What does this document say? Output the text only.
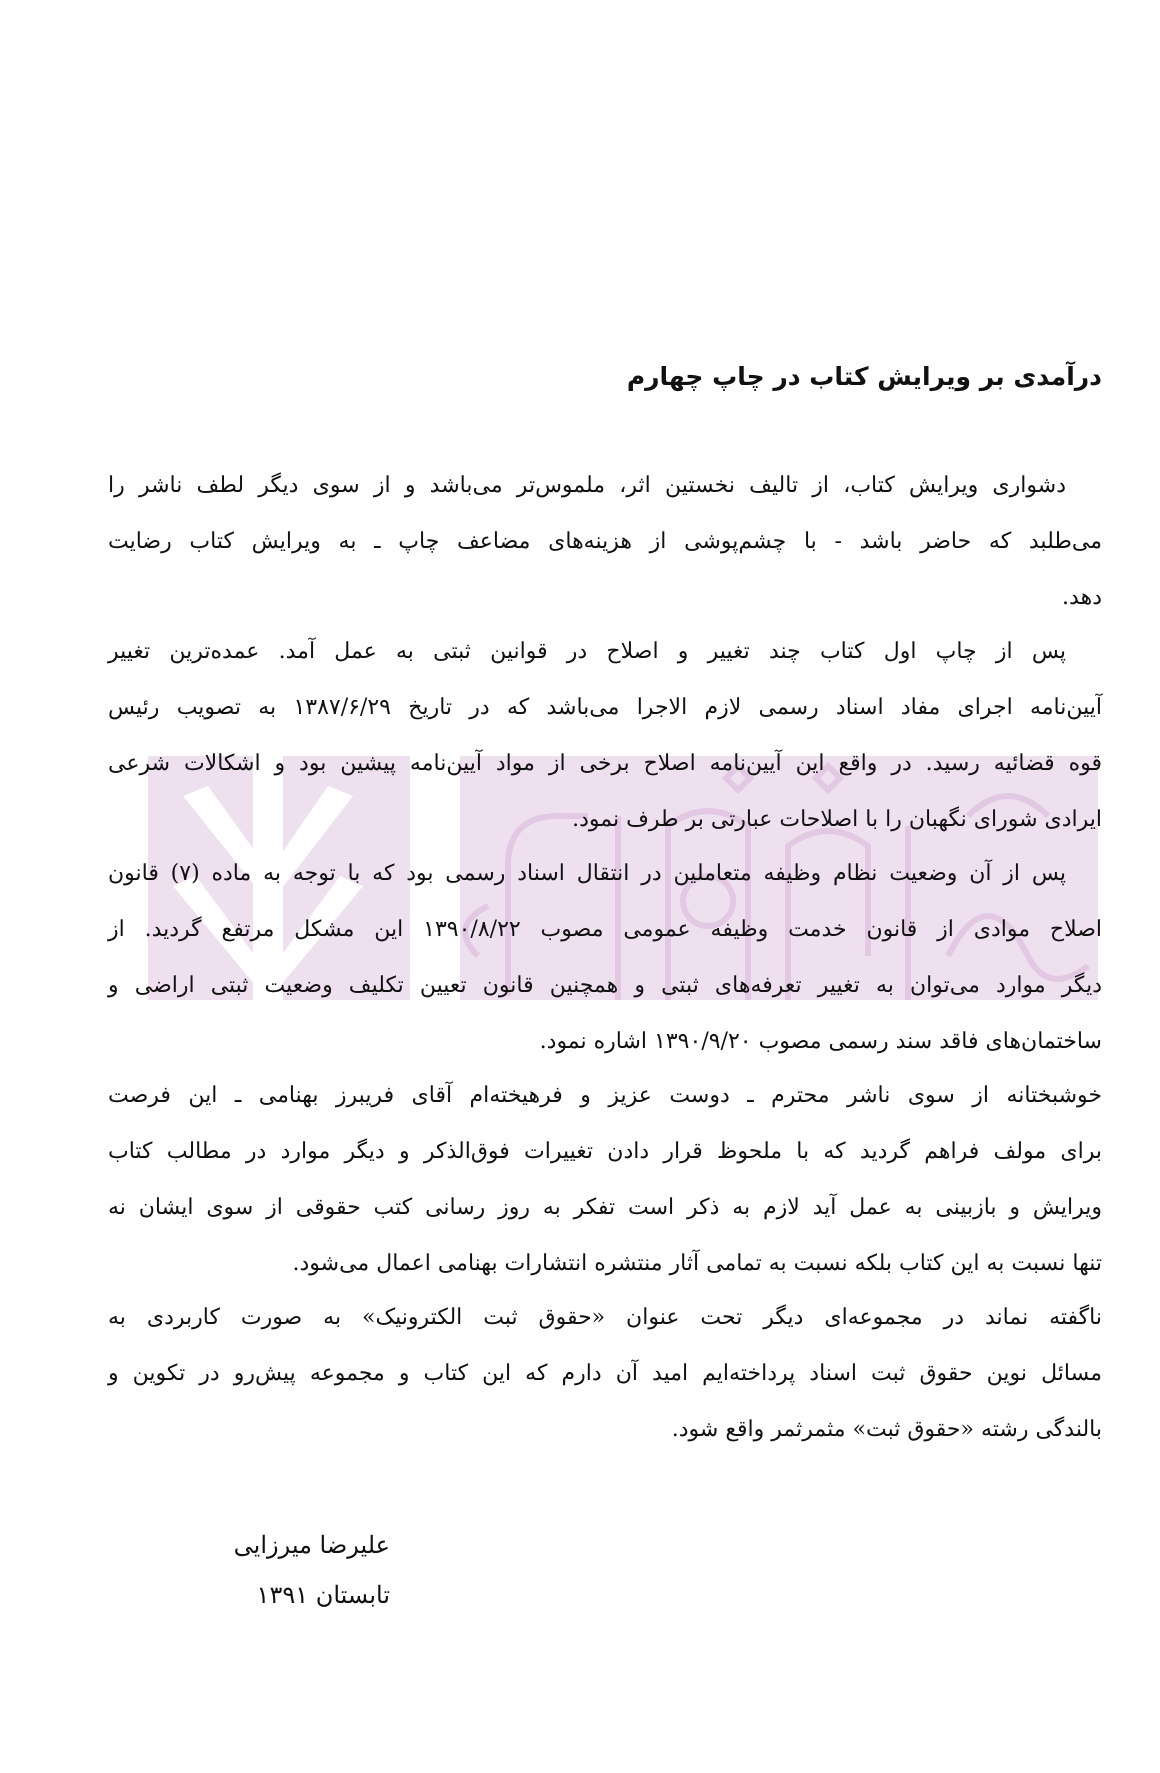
درآمدی بر ویرایش کتاب در چاپ چهارم
دشواری ویرایش کتاب، از تالیف نخستین اثر، ملموس‌تر می‌باشد و از سوی دیگر لطف ناشر را
می‌طلبد که حاضر باشد - با چشم‌پوشی از هزینه‌های مضاعف چاپ ـ به ویرایش کتاب رضایت
دهد.
پس از چاپ اول کتاب چند تغییر و اصلاح در قوانین ثبتی به عمل آمد. عمده‌ترین تغییر
آیین‌نامه اجرای مفاد اسناد رسمی لازم الاجرا می‌باشد که در تاریخ ۱۳۸۷/۶/۲۹ به تصویب رئیس
قوه قضائیه رسید. در واقع این آیین‌نامه اصلاح برخی از مواد آیین‌نامه پیشین بود و اشکالات شرعی
ایرادی شورای نگهبان را با اصلاحات عبارتی بر طرف نمود.
پس از آن وضعیت نظام وظیفه متعاملین در انتقال اسناد رسمی بود که با توجه به ماده (۷) قانون
اصلاح موادی از قانون خدمت وظیفه عمومی مصوب ۱۳۹۰/۸/۲۲ این مشکل مرتفع گردید. از
دیگر موارد می‌توان به تغییر تعرفه‌های ثبتی و همچنین قانون تعیین تکلیف وضعیت ثبتی اراضی و
ساختمان‌های فاقد سند رسمی مصوب ۱۳۹۰/۹/۲۰ اشاره نمود.
خوشبختانه از سوی ناشر محترم ـ دوست عزیز و فرهیخته‌ام آقای فریبرز بهنامی ـ این فرصت
برای مولف فراهم گردید که با ملحوظ قرار دادن تغییرات فوق‌الذکر و دیگر موارد در مطالب کتاب
ویرایش و بازبینی به عمل آید لازم به ذکر است تفکر به روز رسانی کتب حقوقی از سوی ایشان نه
تنها نسبت به این کتاب بلکه نسبت به تمامی آثار منتشره انتشارات بهنامی اعمال می‌شود.
ناگفته نماند در مجموعه‌ای دیگر تحت عنوان «حقوق ثبت الکترونیک» به صورت کاربردی به
مسائل نوین حقوق ثبت اسناد پرداخته‌ایم امید آن دارم که این کتاب و مجموعه پیش‌رو در تکوین و
بالندگی رشته «حقوق ثبت» مثمرثمر واقع شود.
علیرضا میرزایی
تابستان ۱۳۹۱
